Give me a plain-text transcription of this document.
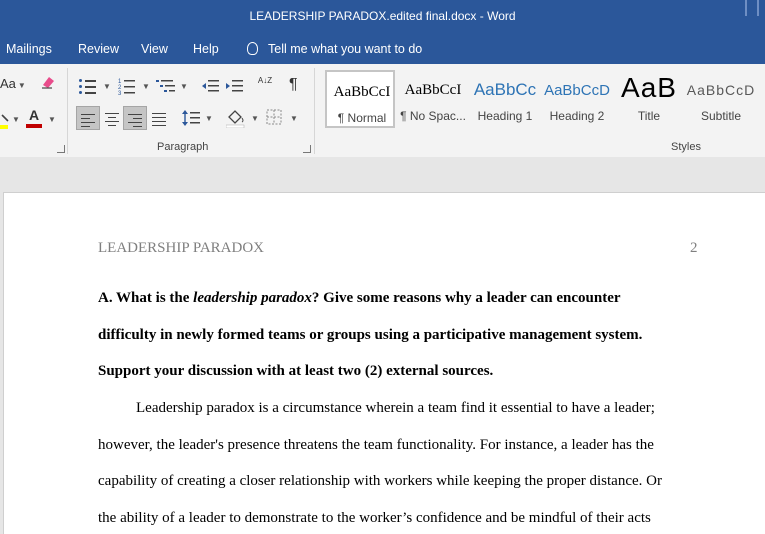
LEADERSHIP PARADOX.edited final.docx - Word
Mailings Review View Help	Tell me what you want to do
Aa ▼
▼ A	▼
▼ 1
2
3
▼	▼
A↓Z ¶
▼	▼	▼
Paragraph
AaBbCcI
¶ Normal
AaBbCcI
¶ No Spac...
AaBbCc
Heading 1
AaBbCcD
Heading 2
AaB
Title
AaBbCcD
Subtitle
Styles
LEADERSHIP PARADOX	2
A. What is the leadership paradox? Give some reasons why a leader can encounter
difficulty in newly formed teams or groups using a participative management system.
Support your discussion with at least two (2) external sources.
Leadership paradox is a circumstance wherein a team find it essential to have a leader;
however, the leader's presence threatens the team functionality. For instance, a leader has the
capability of creating a closer relationship with workers while keeping the proper distance. Or
the ability of a leader to demonstrate to the worker’s confidence and be mindful of their acts
